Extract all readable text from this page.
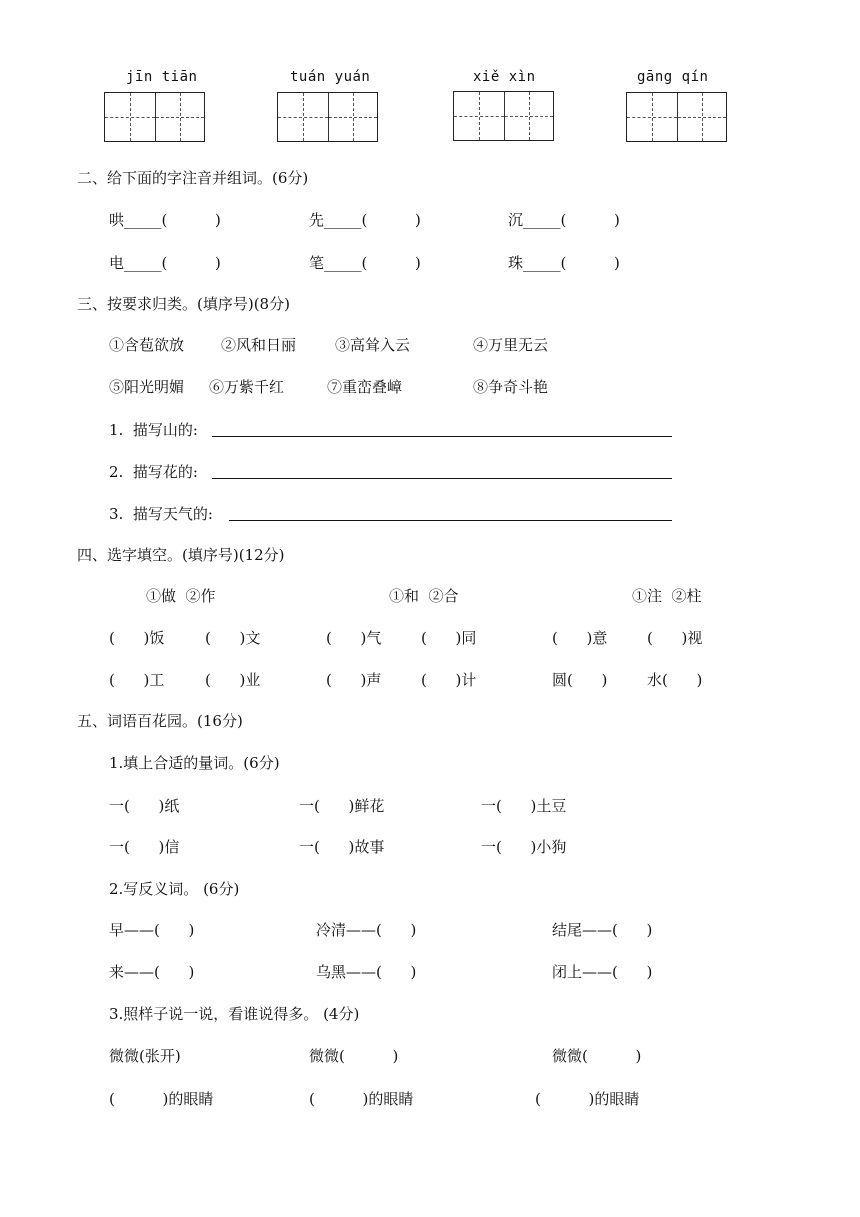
jīn tiān	tuán yuán	xiě xìn	gāng qín
二、给下面的字注音并组词。(6分)
哄_____(          )	先_____(          )	沉_____(          )
电_____(          )	笔_____(          )	珠_____(          )
三、按要求归类。(填序号)(8分)
①含苞欲放 ②风和日丽	③高耸入云	④万里无云
⑤阳光明媚 ⑥万紫千红	⑦重峦叠嶂	⑧争奇斗艳
1.  描写山的:
2.  描写花的:
3.  描写天气的:
四、选字填空。(填序号)(12分)
①做  ②作	①和  ②合	①注  ②柱
(      )饭	(      )文	(      )气	(      )同	(      )意	(      )视
(      )工	(      )业	(      )声	(      )计	圆(      )	水(      )
五、词语百花园。(16分)
1.填上合适的量词。(6分)
一(      )纸	一(      )鲜花	一(      )土豆
一(      )信	一(      )故事	一(      )小狗
2.写反义词。 (6分)
早——(      )	冷清——(      )	结尾——(      )
来——(      )	乌黑——(      )	闭上——(      )
3.照样子说一说，看谁说得多。 (4分)
微微(张开)	微微(          )	微微(          )
(          )的眼睛	(          )的眼睛	(          )的眼睛
